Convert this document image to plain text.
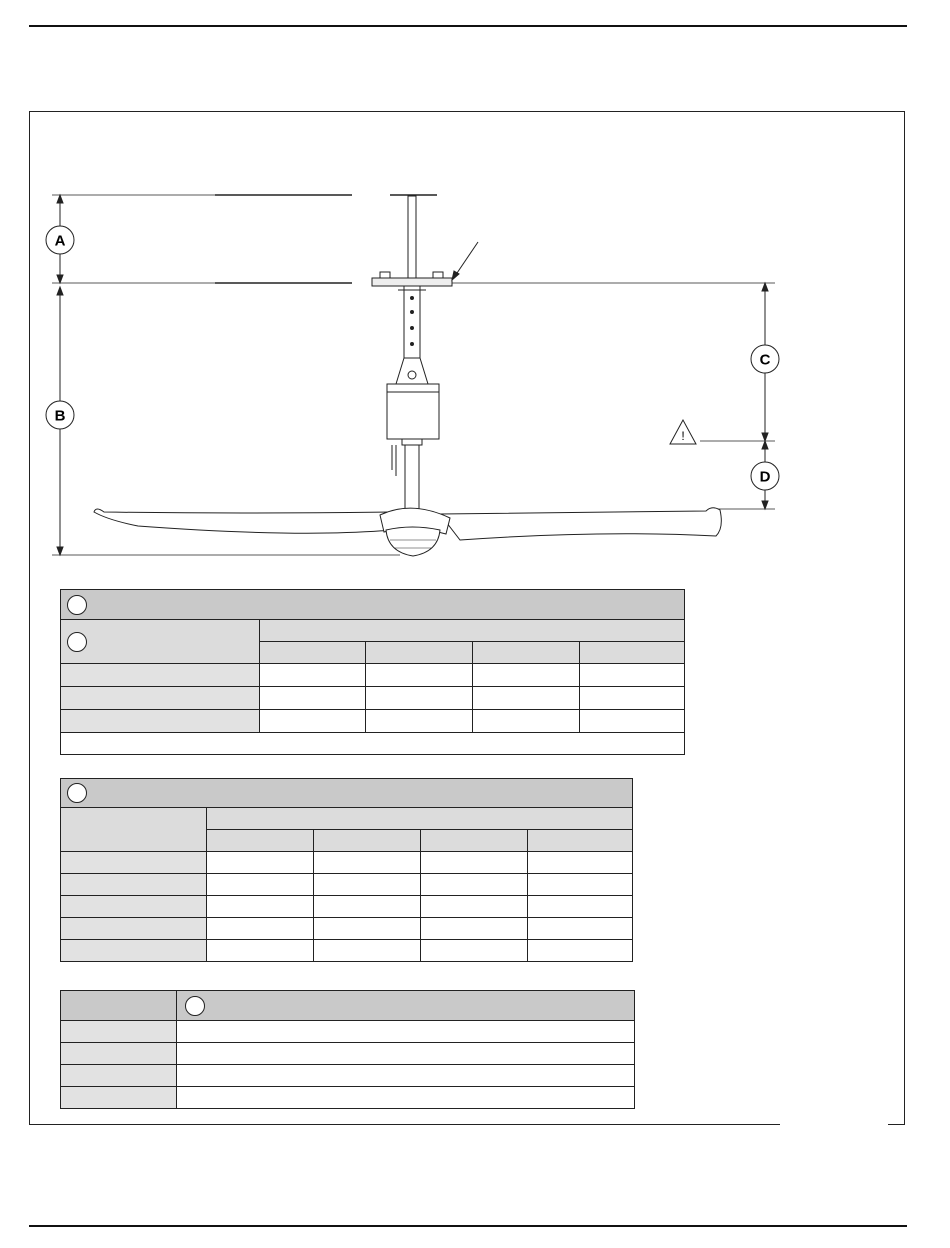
A
B
C
D
!
